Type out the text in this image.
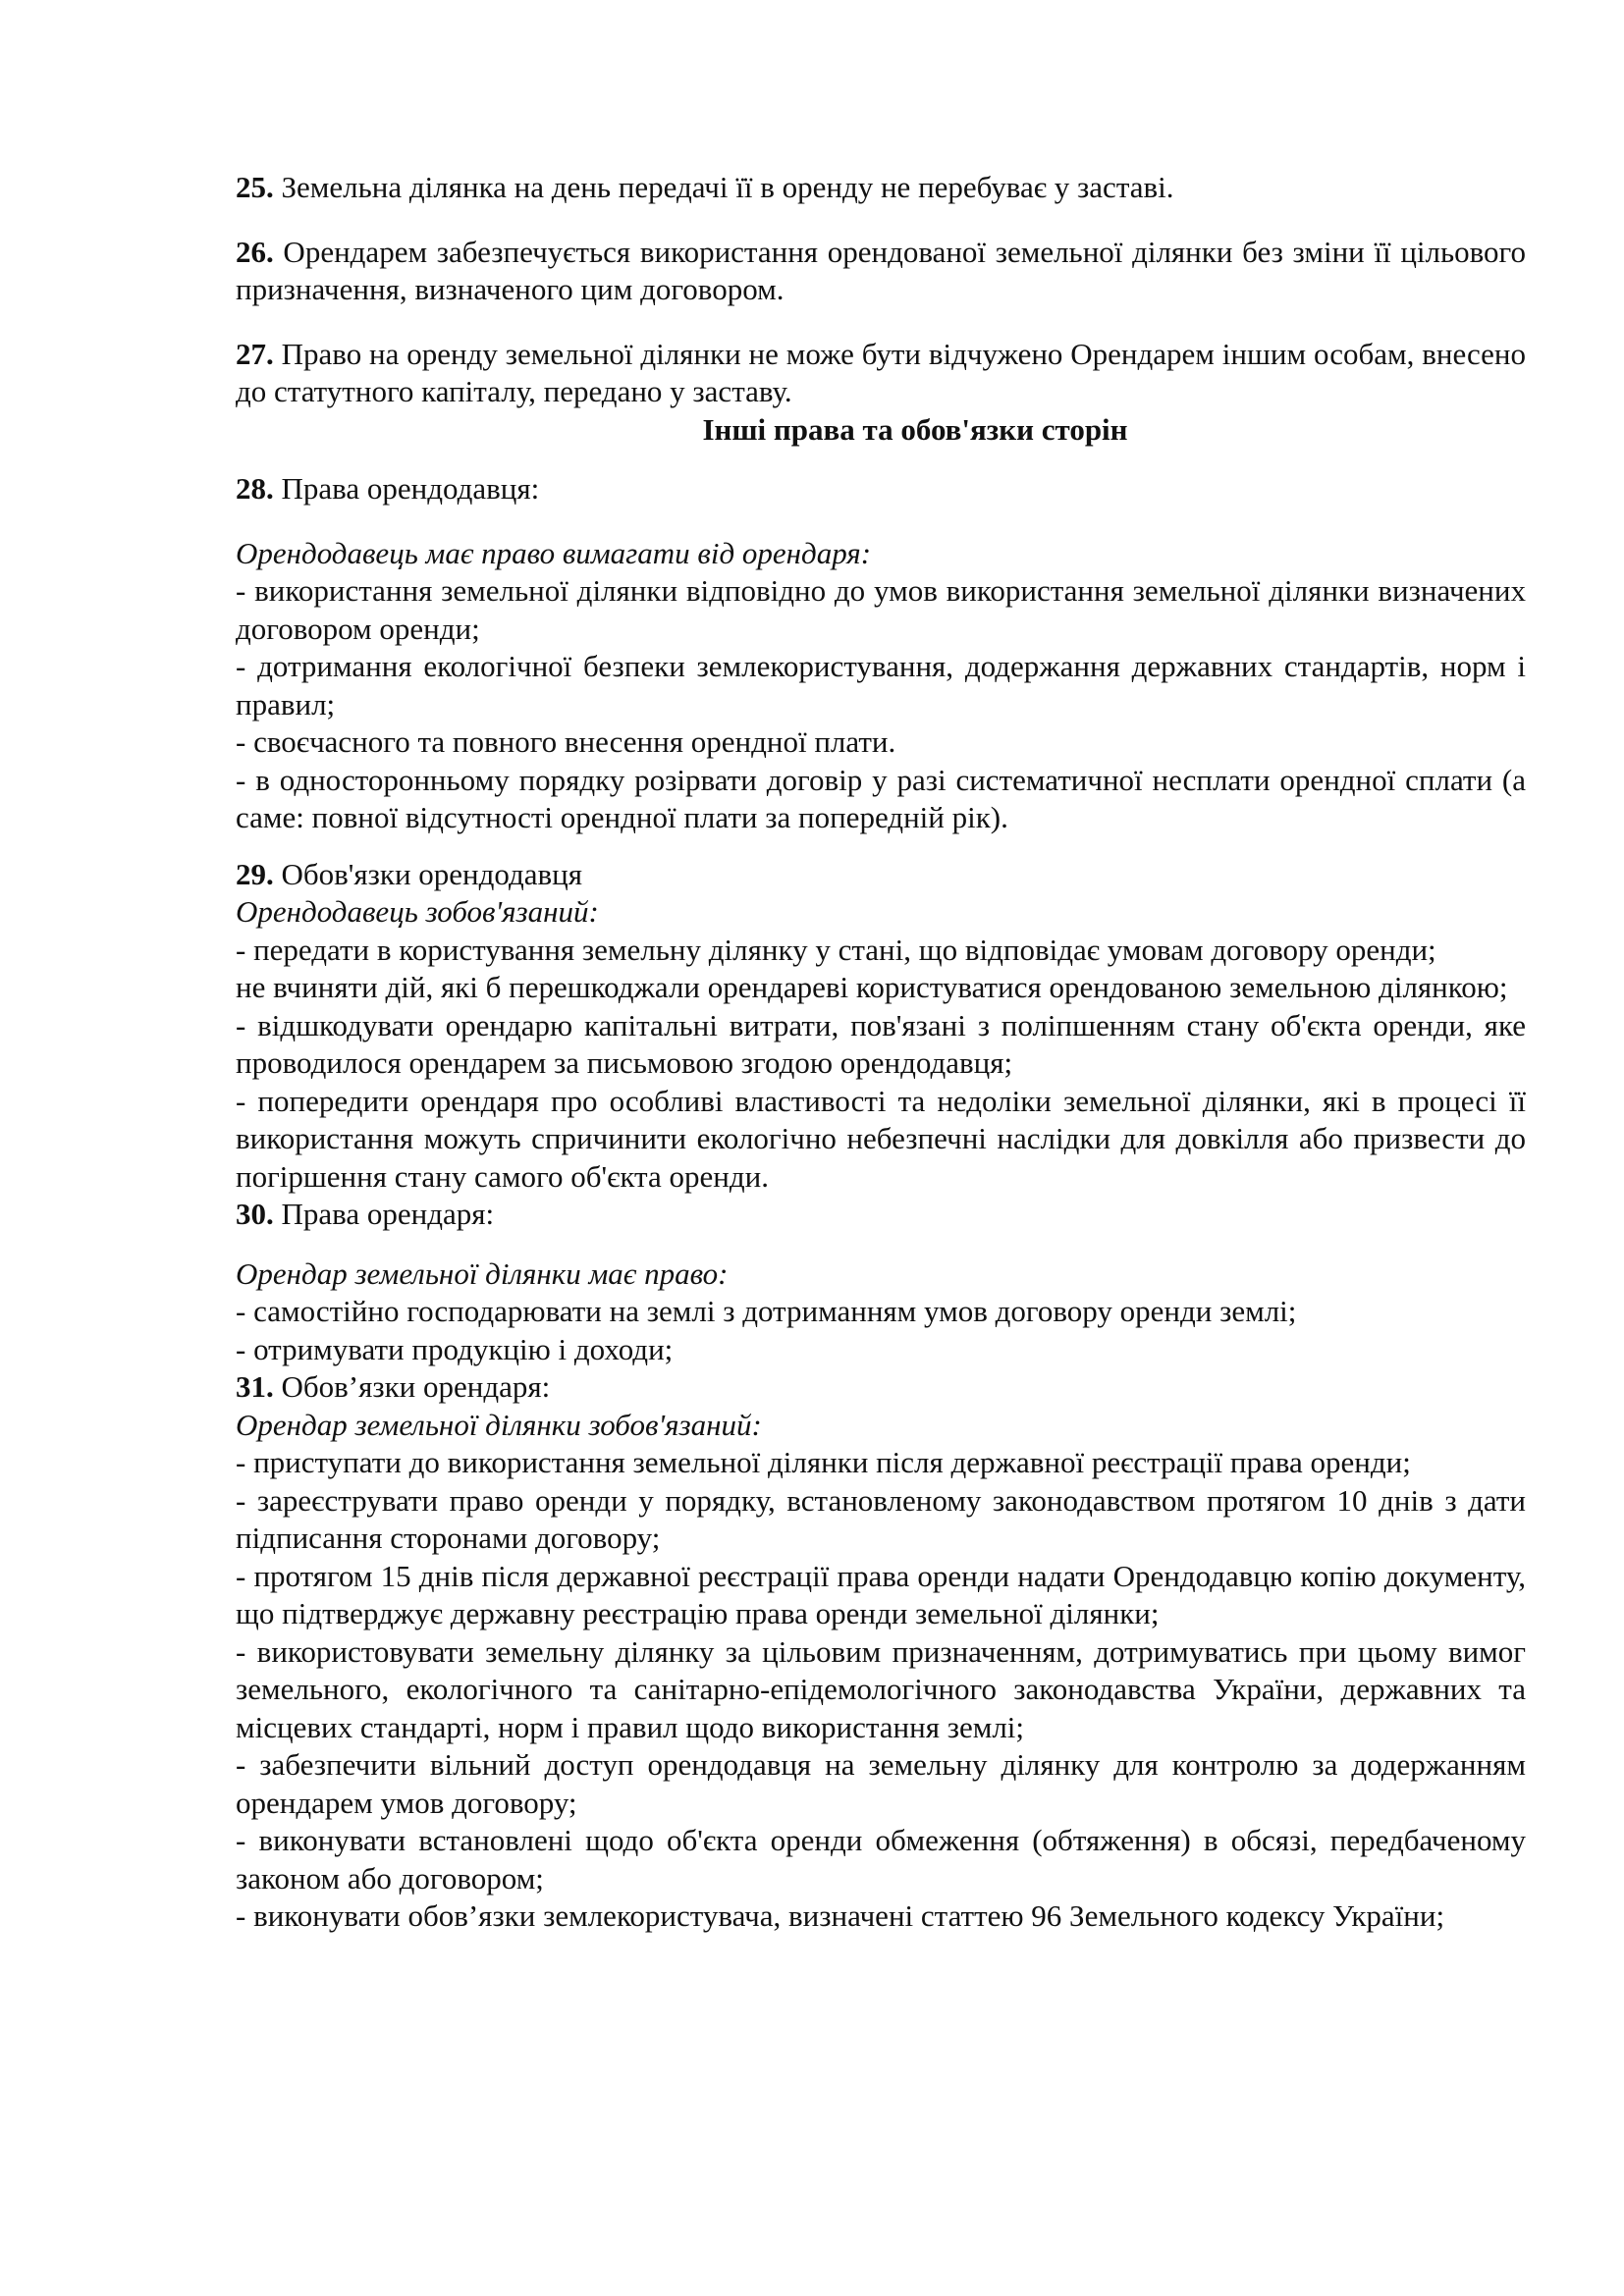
25. Земельна ділянка на день передачі її в оренду не перебуває у заставі.

26. Орендарем забезпечується використання орендованої земельної ділянки без зміни її цільового призначення, визначеного цим договором.

27. Право на оренду земельної ділянки не може бути відчужено Орендарем іншим особам, внесено до статутного капіталу, передано у заставу.

Інші права та обов'язки сторін

28. Права орендодавця:

Орендодавець має право вимагати від орендаря:

- використання земельної ділянки відповідно до умов використання земельної ділянки визначених договором оренди;

- дотримання екологічної безпеки землекористування, додержання державних стандартів, норм і правил;

- своєчасного та повного внесення орендної плати.

- в односторонньому порядку розірвати договір у разі систематичної несплати орендної сплати (а саме: повної відсутності орендної плати за попередній рік).

29. Обов'язки орендодавця

Орендодавець зобов'язаний:

- передати в користування земельну ділянку у стані, що відповідає умовам договору оренди;

не вчиняти дій, які б перешкоджали орендареві користуватися орендованою земельною ділянкою;

- відшкодувати орендарю капітальні витрати, пов'язані з поліпшенням стану об'єкта оренди, яке проводилося орендарем за письмовою згодою орендодавця;

- попередити орендаря про особливі властивості та недоліки земельної ділянки, які в процесі її використання можуть спричинити екологічно небезпечні наслідки для довкілля або призвести до погіршення стану самого об'єкта оренди.

30. Права орендаря:

Орендар земельної ділянки має право:

- самостійно господарювати на землі з дотриманням умов договору оренди землі;

- отримувати продукцію і доходи;

31. Обов’язки орендаря:

Орендар земельної ділянки зобов'язаний:

- приступати до використання земельної ділянки після державної реєстрації права оренди;

- зареєструвати право оренди у порядку, встановленому законодавством протягом 10 днів з дати підписання сторонами договору;

- протягом 15 днів після державної реєстрації права оренди надати Орендодавцю копію документу, що підтверджує державну реєстрацію права оренди земельної ділянки;

- використовувати земельну ділянку за цільовим призначенням, дотримуватись при цьому вимог земельного, екологічного та санітарно-епідемологічного законодавства України, державних та місцевих стандарті, норм і правил щодо використання землі;

- забезпечити вільний доступ орендодавця на земельну ділянку для контролю за додержанням орендарем умов договору;

- виконувати встановлені щодо об'єкта оренди обмеження (обтяження) в обсязі, передбаченому законом або договором;

- виконувати обов’язки землекористувача, визначені статтею 96 Земельного кодексу України;
